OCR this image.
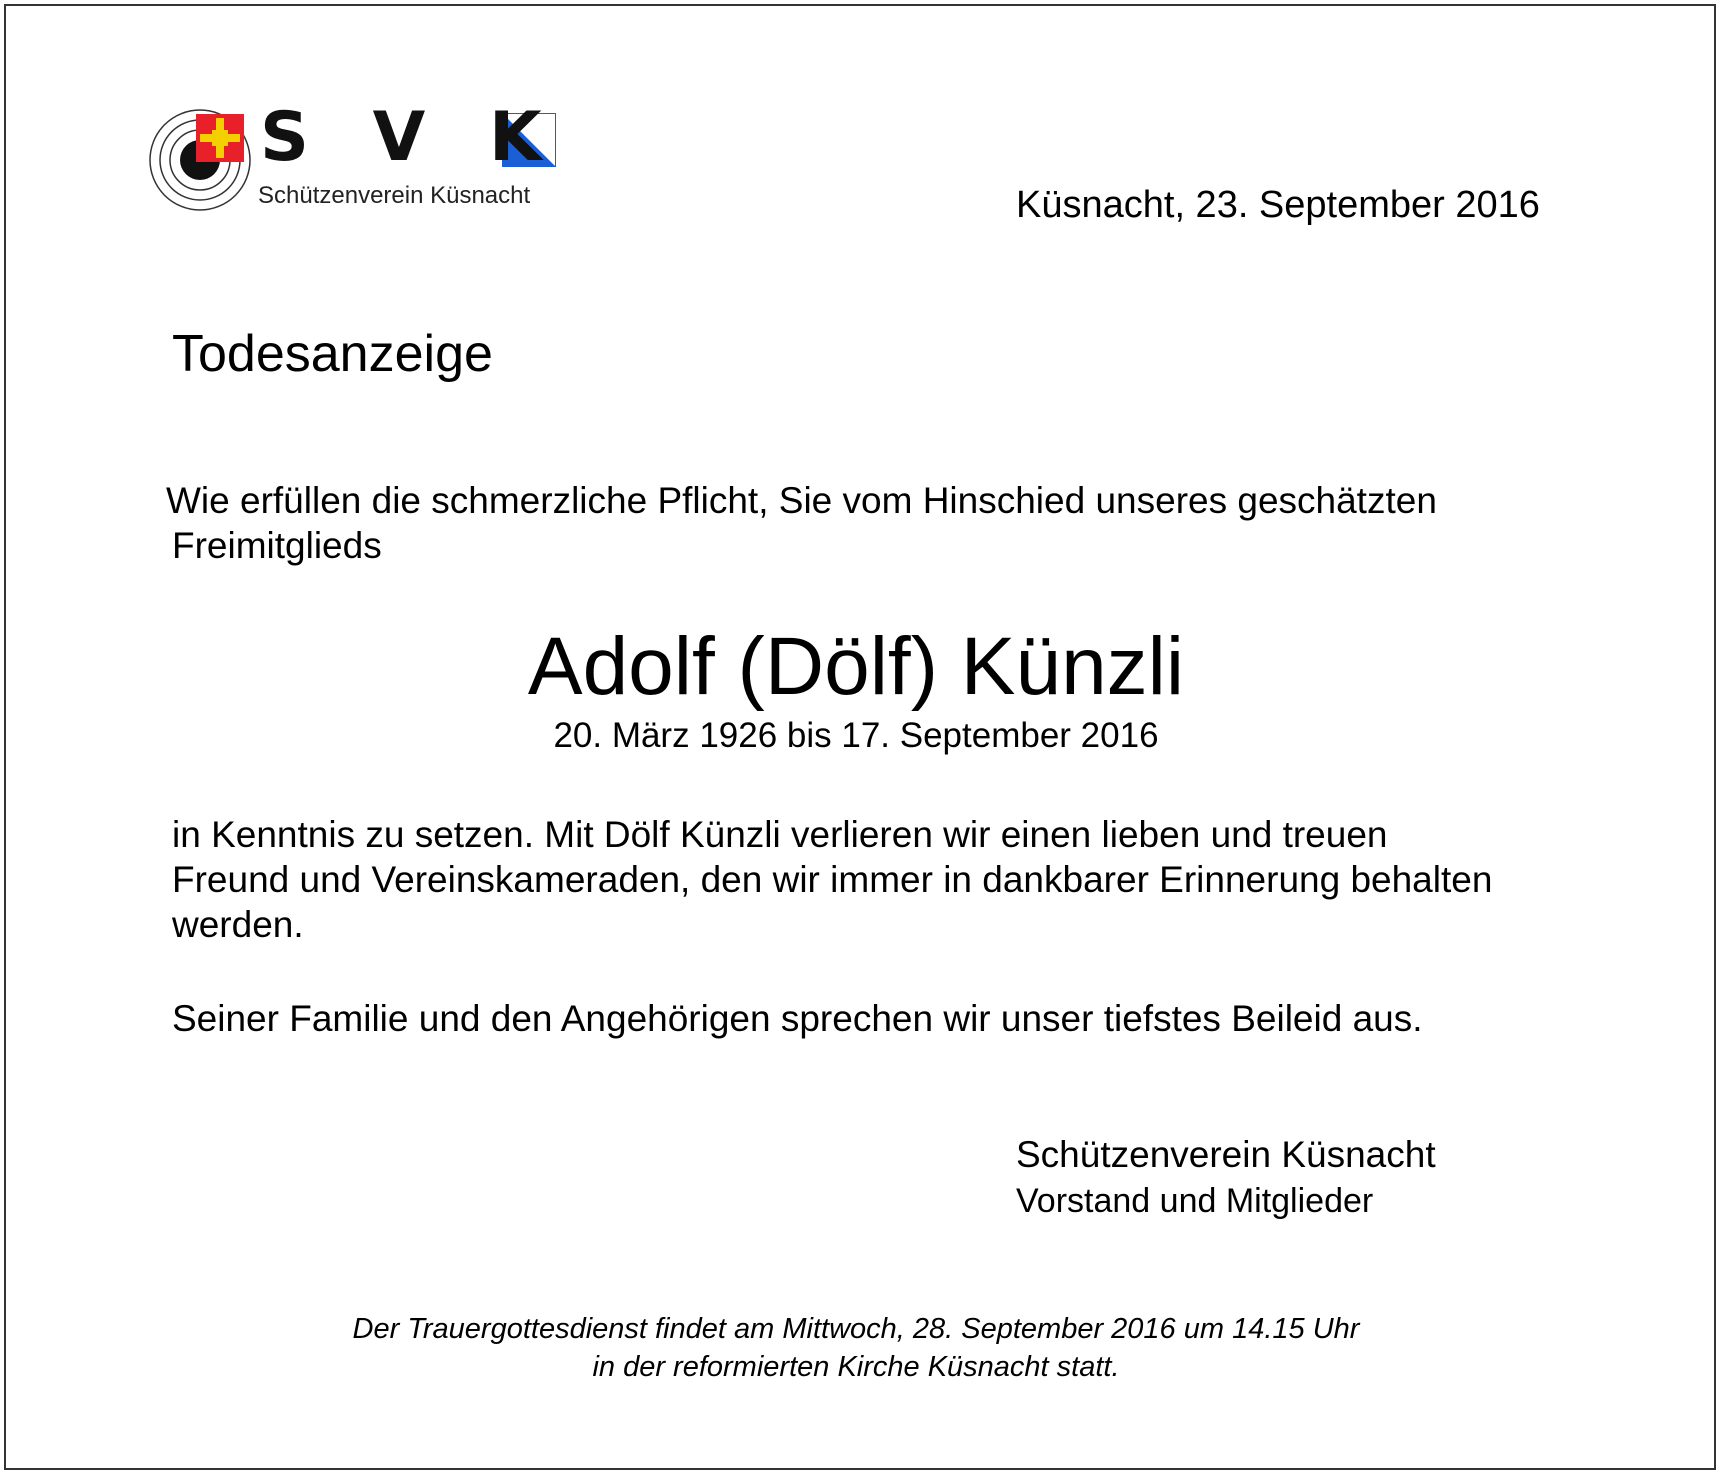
S V K
Schützenverein Küsnacht	Küsnacht, 23. September 2016
Todesanzeige
Wie erfüllen die schmerzliche Pflicht, Sie vom Hinschied unseres geschätzten
Freimitglieds
Adolf (Dölf) Künzli
20. März 1926 bis 17. September 2016
in Kenntnis zu setzen. Mit Dölf Künzli verlieren wir einen lieben und treuen
Freund und Vereinskameraden, den wir immer in dankbarer Erinnerung behalten
werden.
Seiner Familie und den Angehörigen sprechen wir unser tiefstes Beileid aus.
Schützenverein Küsnacht
Vorstand und Mitglieder
Der Trauergottesdienst findet am Mittwoch, 28. September 2016 um 14.15 Uhr
in der reformierten Kirche Küsnacht statt.
